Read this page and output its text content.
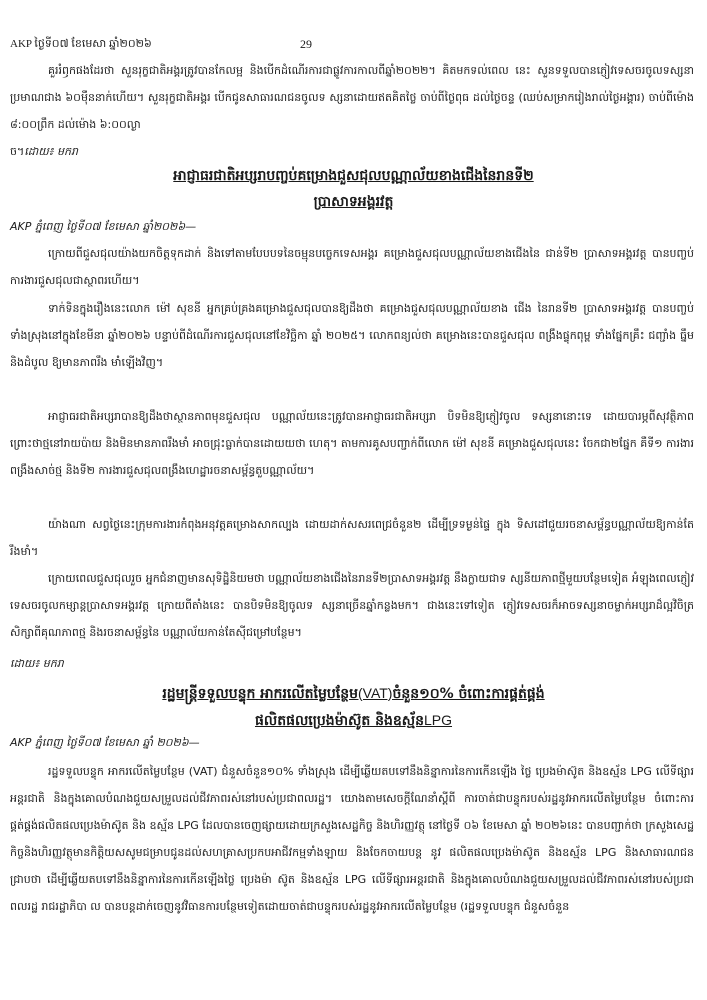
AKP ថ្ងៃទី០៧ ខែមេសា ឆ្នាំ២០២៦	29

គួររំឭកផងដែរថា សួនរុក្ខជាតិអង្គរត្រូវបានកែលម្អ និងបើកដំណើរការជាផ្លូវការកាលពីឆ្នាំ២០២២។ គិតមកទល់ពេល នេះ សួនទទួលបានភ្ញៀវទេសចរចូលទស្សនាប្រមាណជាង ៦០ម៉ឺននាក់ហើយ។ សួនរុក្ខជាតិអង្គរ បើកជូនសាធារណជនចូលទ ស្សនាដោយឥតគិតថ្លៃ ចាប់ពីថ្ងៃពុធ ដល់ថ្ងៃចន្ទ (ឈប់សម្រាករៀងរាល់ថ្ងៃអង្គារ) ចាប់ពីម៉ោង ៨:០០ព្រឹក ដល់ម៉ោង ៦:០០ល្ងា

ច។ដោយ៖ មករា

អាជ្ញាធរជាតិអប្សរាបញ្ចប់គម្រោងជួសជុលបណ្ណាល័យខាងជើងនៃរានទី២
ប្រាសាទអង្គរវត្ត
AKP ភ្នំពេញ ថ្ងៃទី០៧ ខែមេសា ឆ្នាំ២០២៦—

ក្រោយពីជួសជុលយ៉ាងយកចិត្តទុកដាក់ និងទៅតាមបែបបទនៃចម្មុនបច្ចេកទេសអង្គរ គម្រោងជួសជុលបណ្ណាល័យខាងជើងនៃ ជាន់ទី២ ប្រាសាទអង្គរវត្ត បានបញ្ចប់ការងារជួសជុលជាស្ថាពរហើយ។

ទាក់ទិនក្នុងរឿងនេះលោក ម៉ៅ សុខនី អ្នកគ្រប់គ្រងគម្រោងជួសជុលបានឱ្យដឹងថា គម្រោងជួសជុលបណ្ណាល័យខាង ជើង នៃរានទី២ ប្រាសាទអង្គរវត្ត បានបញ្ចប់ទាំងស្រុងនៅក្នុងខែមីនា ឆ្នាំ២០២៦ បន្ទាប់ពីដំណើរការជួសជុលនៅខែវិច្ឆិកា ឆ្នាំ ២០២៥។ លោកពន្យល់ថា គម្រោងនេះបានជួសជុល ពង្រឹងផ្ទុកពុម្ព ទាំងផ្នែកគ្រឹះ ជញ្ជាំង ធ្នឹម និងដំបូល ឱ្យមានភាពរឹង មាំឡើងវិញ។

អាជ្ញាធរជាតិអប្សរាបានឱ្យដឹងថាស្ថានភាពមុនជួសជុល បណ្ណាល័យនេះត្រូវបានអាជ្ញាធរជាតិអប្សរា បិទមិនឱ្យភ្ញៀវចូល ទស្សនានោះទេ ដោយបារម្ភពីសុវត្ថិភាព ព្រោះថាថ្មនៅរាយប៉ាយ និងមិនមានភាពរឹងមាំ អាចជ្រុះធ្លាក់បានដោយយថា ហេតុ។ តាមការគូសបញ្ជាក់ពីលោក ម៉ៅ សុខនី គម្រោងជួសជុលនេះ ចែកជា២ផ្នែក គឺទី១ ការងារពង្រឹងសាច់ថ្ម និងទី២ ការងារជួសជុលពង្រឹងហេដ្ឋារចនាសម្ព័ន្ធតួបណ្ណាល័យ។

យ៉ាងណា សព្វថ្ងៃនេះក្រុមការងារកំពុងអនុវត្តគម្រោងសាកល្បង ដោយដាក់សសរពេជ្រចំនួន២ ដើម្បីទ្រទម្ងន់ផ្ទៃ ក្នុង ទិសដៅជួយរចនាសម្ព័ន្ធបណ្ណាល័យឱ្យកាន់តែរឹងមាំ។

ក្រោយពេលជួសជុលរួច អ្នកជំនាញមានសុទិដ្ឋិនិយមថា បណ្ណាល័យខាងជើងនៃរានទី២ប្រាសាទអង្គរវត្ត នឹងក្លាយជាទ ស្សនីយភាពថ្មីមួយបន្ថែមទៀត អំឡុងពេលភ្ញៀវទេសចរចូលកម្សាន្តប្រាសាទអង្គរវត្ត ក្រោយពីតាំងនេះ បានបិទមិនឱ្យចូលទ ស្សនាច្រើនឆ្នាំកន្លងមក។ ជាងនេះទៅទៀត ភ្ញៀវទេសចរក៏អាចទស្សនាចម្លាក់អប្សរាដ៏ល្អវិចិត្រ សិក្សាពីគុណភាពថ្ម និងរចនាសម្ព័ន្ធនៃ បណ្ណាល័យកាន់តែស៊ីជម្រៅបន្ថែម។

ដោយ៖ មករា

រដ្ឋមន្ត្រីទទួលបន្ទុក អាករលើតម្លៃបន្ថែម(VAT)ចំនួន១០% ចំពោះការផ្គត់ផ្គង់
ផលិតផលប្រេងម៉ាស៊ូត និងឧស្ម័នLPG
AKP ភ្នំពេញ ថ្ងៃទី០៧ ខែមេសា ឆ្នាំ ២០២៦—

រដ្ឋទទួលបន្ទុក អាករលើតម្លៃបន្ថែម (VAT) ជំនួសចំនួន១០% ទាំងស្រុង ដើម្បីឆ្លើយតបទៅនឹងនិន្នាការនៃការកើនឡើង ថ្លៃ ប្រេងម៉ាស៊ូត និងឧស្ម័ន LPG លើទីផ្សារអន្តរជាតិ និងក្នុងគោលបំណងជួយសម្រួលដល់ជីវភាពរស់នៅរបស់ប្រជាពលរដ្ឋ។ យោងតាមសេចក្តីណែនាំស្តីពី ការចាត់ជាបន្ទុករបស់រដ្ឋនូវអាករលើតម្លៃបន្ថែម ចំពោះការផ្គត់ផ្គង់ផលិតផលប្រេងម៉ាស៊ូត និង ឧស្ម័ន LPG ដែលបានចេញផ្សាយដោយក្រសួងសេដ្ឋកិច្ច និងហិរញ្ញវត្ថុ នៅថ្ងៃទី ០៦ ខែមេសា ឆ្នាំ ២០២៦នេះ បានបញ្ជាក់ថា ក្រសួងសេដ្ឋកិច្ចនិងហិរញ្ញវត្ថុមានកិត្តិយសសូមជម្រាបជូនដល់សហគ្រាសប្រកបអាជីវកម្មទាំងឡាយ និងចែកចាយបន្ត នូវ ផលិតផលប្រេងម៉ាស៊ូត និងឧស្ម័ន LPG និងសាធារណជនជ្រាបថា ដើម្បីឆ្លើយតបទៅនឹងនិន្នាការនៃការកើនឡើងថ្លៃ ប្រេងម៉ា ស៊ូត និងឧស្ម័ន LPG លើទីផ្សារអន្តរជាតិ និងក្នុងគោលបំណងជួយសម្រួលដល់ជីវភាពរស់នៅរបស់ប្រជាពលរដ្ឋ រាជរដ្ឋាភិបា ល បានបន្តដាក់ចេញនូវវិធានការបន្ថែមទៀតដោយចាត់ជាបន្ទុករបស់រដ្ឋនូវអាករលើតម្លៃបន្ថែម (រដ្ឋទទួលបន្ទុក ជំនួសចំនួន
